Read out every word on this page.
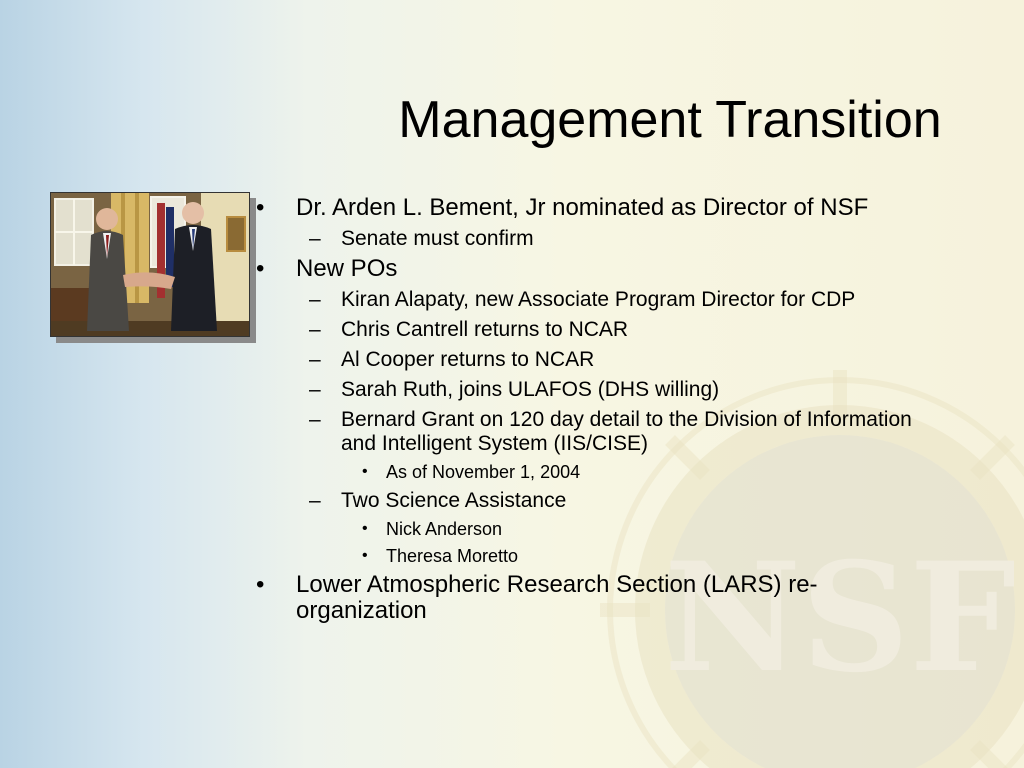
NSF
Management Transition
• Dr. Arden L. Bement, Jr nominated as Director of NSF
– Senate must confirm
• New POs
– Kiran Alapaty, new Associate Program Director for CDP
– Chris Cantrell returns to NCAR
– Al Cooper returns to NCAR
– Sarah Ruth, joins ULAFOS (DHS willing)
– Bernard Grant on 120 day detail to the Division of Information and Intelligent System (IIS/CISE)
• As of November 1, 2004
– Two Science Assistance
• Nick Anderson
• Theresa Moretto
• Lower Atmospheric Research Section (LARS) re-organization
